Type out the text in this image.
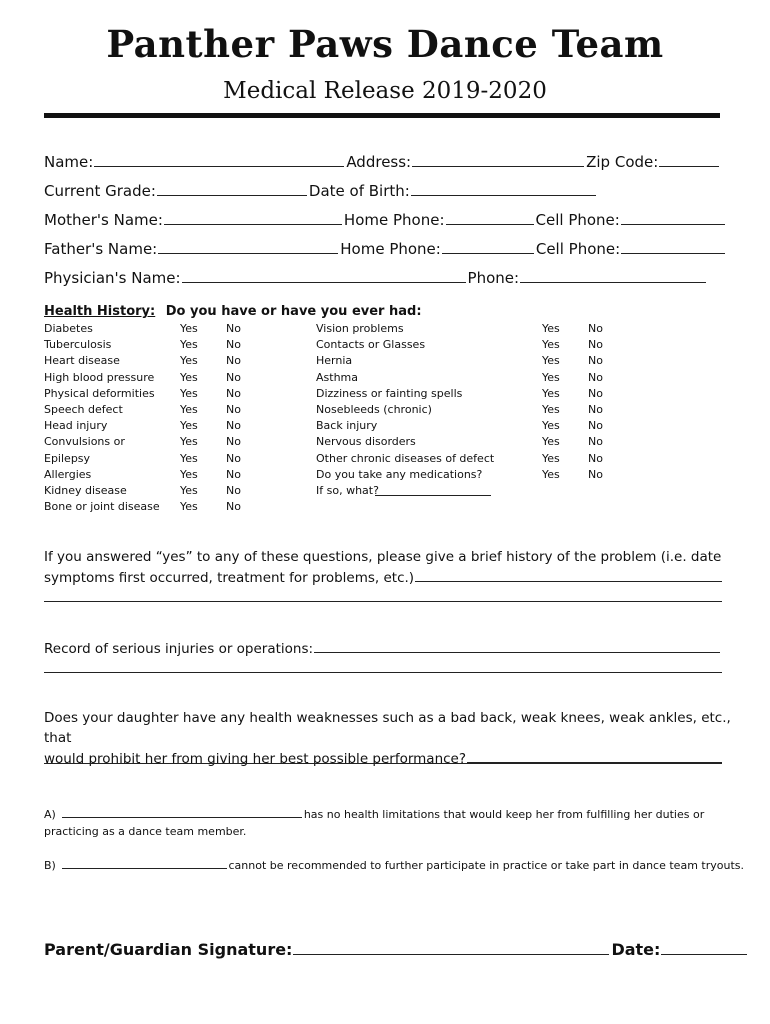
Panther Paws Dance Team
Medical Release 2019-2020
Name:	Address:	Zip Code:
Current Grade:	Date of Birth:
Mother's Name:	Home Phone:	Cell Phone:
Father's Name:	Home Phone:	Cell Phone:
Physician's Name:	Phone:
Health History: Do you have or have you ever had:
Diabetes	Yes	No
Tuberculosis	Yes	No
Heart disease	Yes	No
High blood pressure Yes	No
Physical deformities Yes	No
Speech defect	Yes	No
Head injury	Yes	No
Convulsions or	Yes	No
Epilepsy	Yes	No
Allergies	Yes	No
Kidney disease	Yes	No
Bone or joint disease Yes	No
Vision problems	Yes	No
Contacts or Glasses	Yes	No
Hernia	Yes	No
Asthma	Yes	No
Dizziness or fainting spells	Yes	No
Nosebleeds (chronic)	Yes	No
Back injury	Yes	No
Nervous disorders	Yes	No
Other chronic diseases of defect	Yes	No
Do you take any medications?	Yes	No
If so, what?
If you answered “yes” to any of these questions, please give a brief history of the problem (i.e. date
symptoms first occurred, treatment for problems, etc.)
Record of serious injuries or operations:
Does your daughter have any health weaknesses such as a bad back, weak knees, weak ankles, etc., that
would prohibit her from giving her best possible performance?
A)	has no health limitations that would keep her from fulfilling her duties or
practicing as a dance team member.
B)	cannot be recommended to further participate in practice or take part in dance team tryouts.
Parent/Guardian Signature:	Date:
